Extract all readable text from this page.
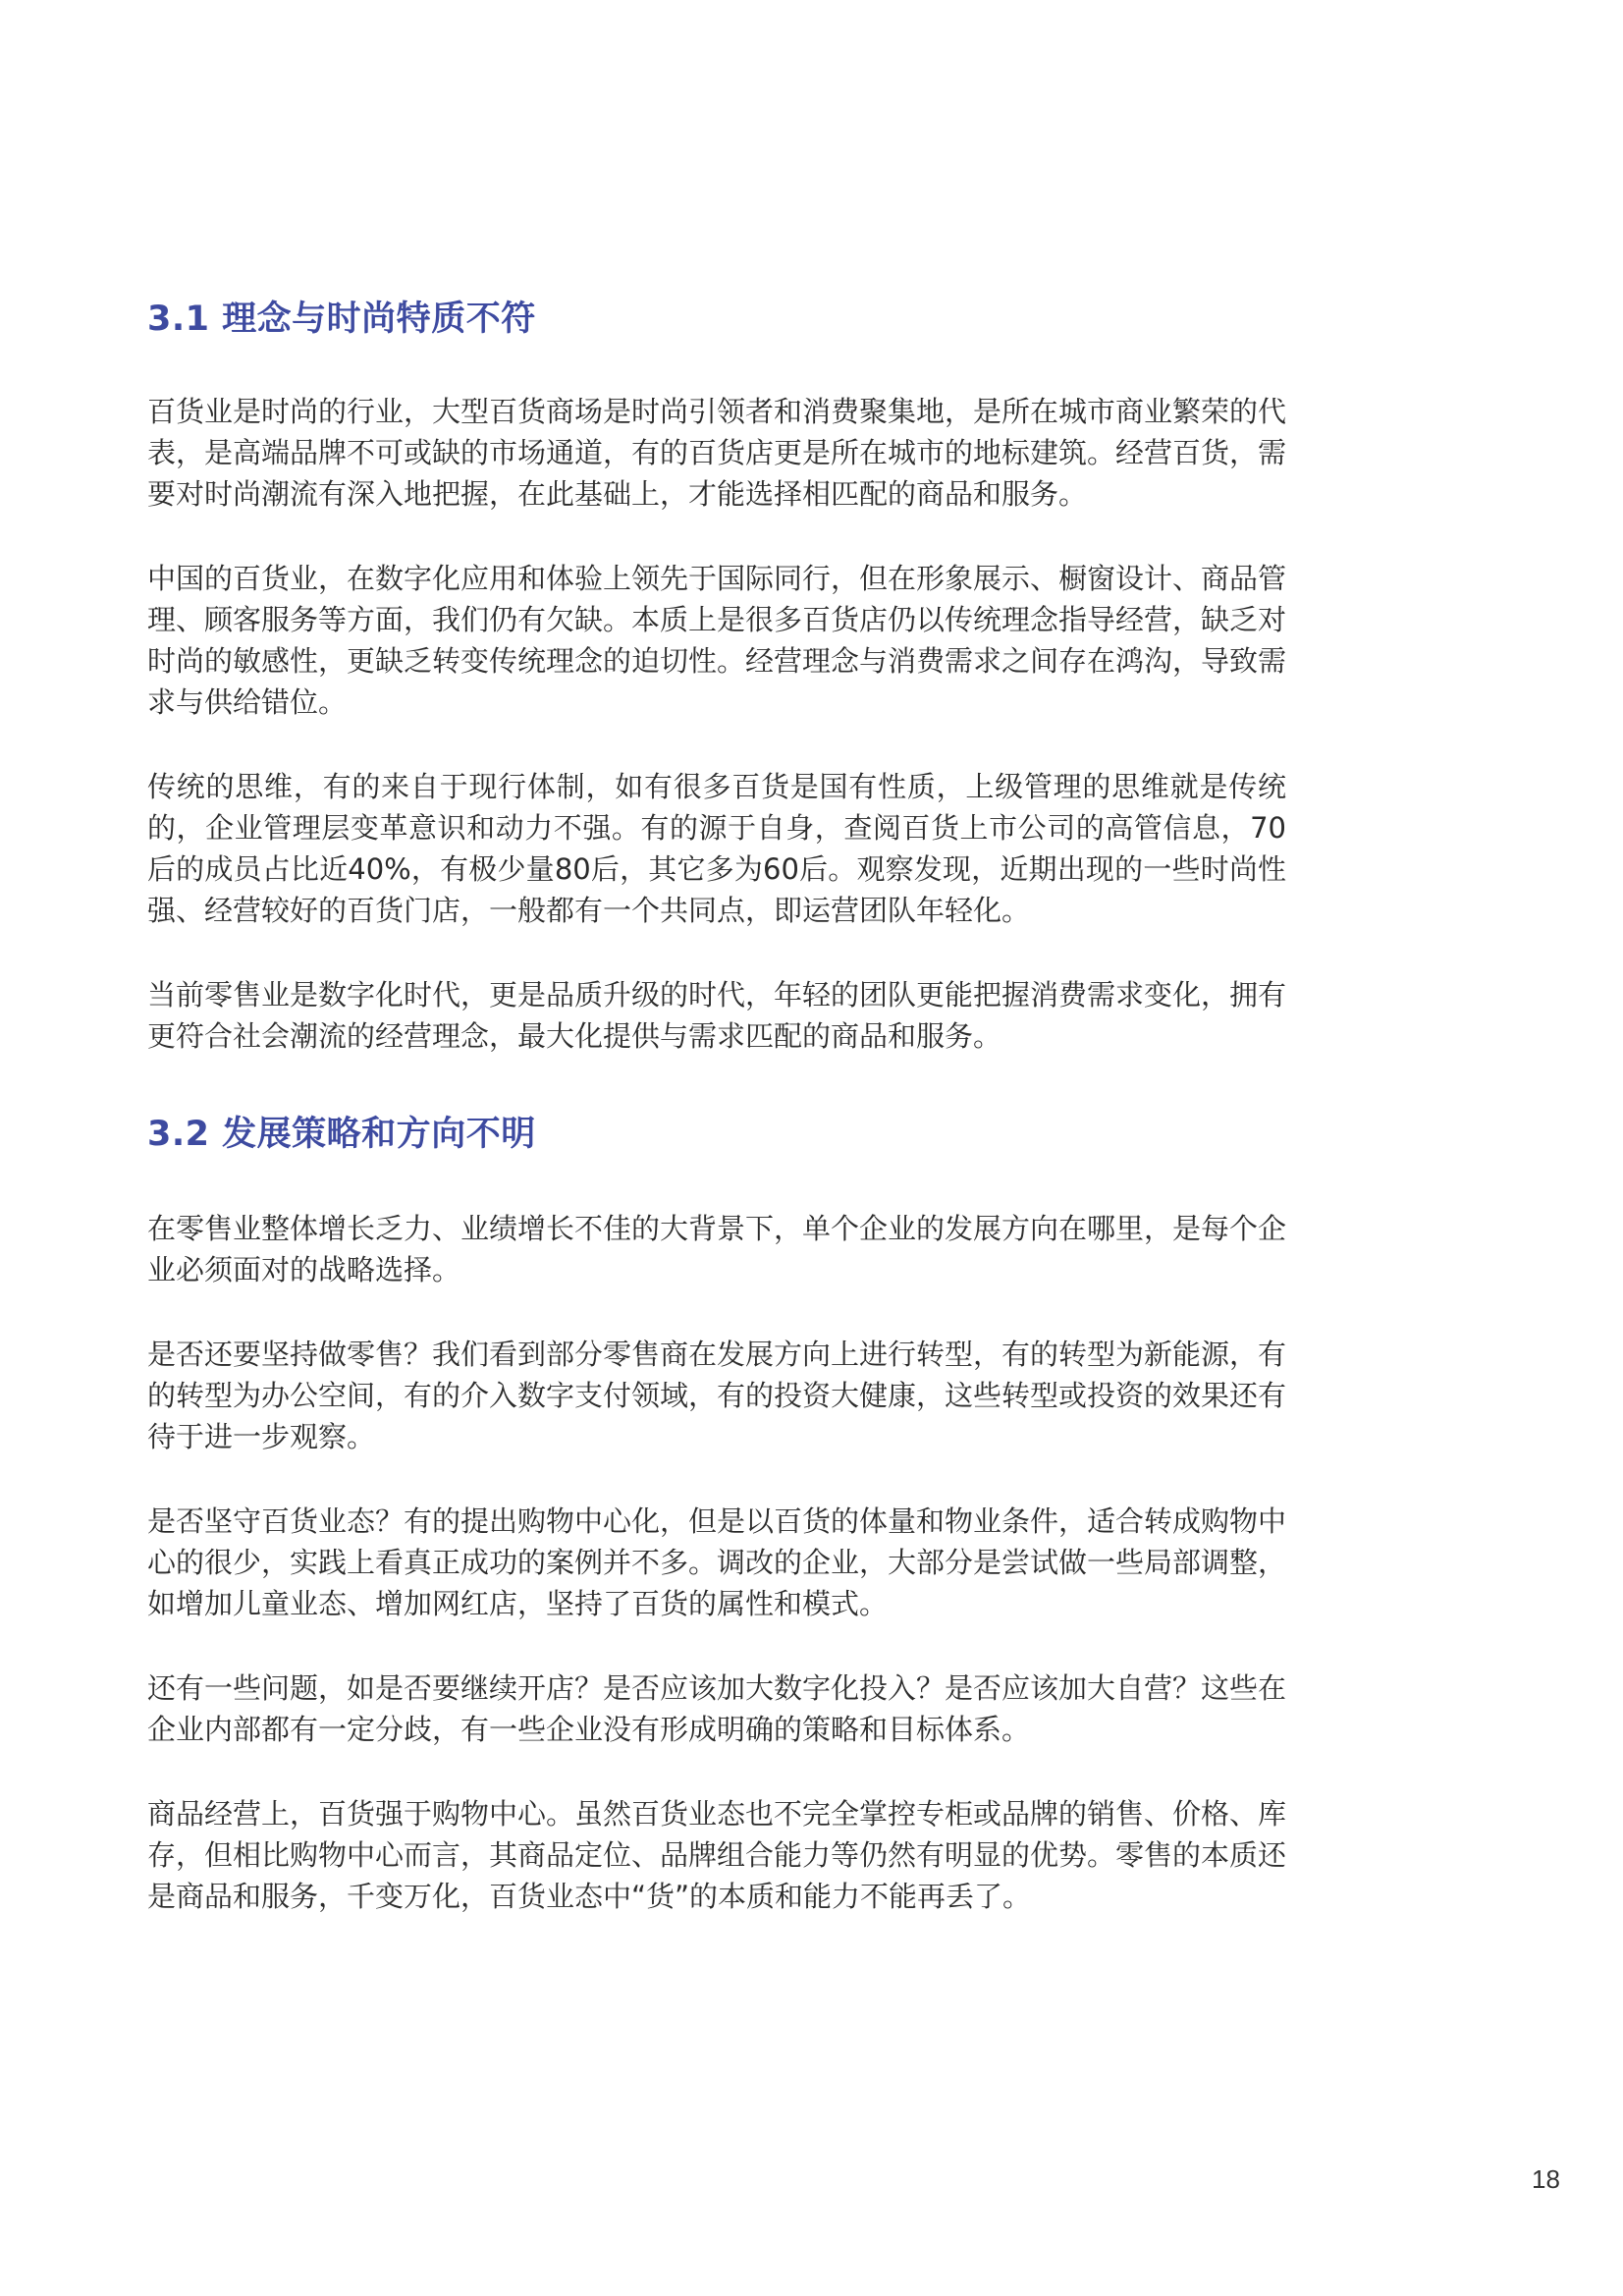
3.1 理念与时尚特质不符

百货业是时尚的行业，大型百货商场是时尚引领者和消费聚集地，是所在城市商业繁荣的代表，是高端品牌不可或缺的市场通道，有的百货店更是所在城市的地标建筑。经营百货，需要对时尚潮流有深入地把握，在此基础上，才能选择相匹配的商品和服务。

中国的百货业，在数字化应用和体验上领先于国际同行，但在形象展示、橱窗设计、商品管理、顾客服务等方面，我们仍有欠缺。本质上是很多百货店仍以传统理念指导经营，缺乏对时尚的敏感性，更缺乏转变传统理念的迫切性。经营理念与消费需求之间存在鸿沟，导致需求与供给错位。

传统的思维，有的来自于现行体制，如有很多百货是国有性质，上级管理的思维就是传统的，企业管理层变革意识和动力不强。有的源于自身，查阅百货上市公司的高管信息，70后的成员占比近40%，有极少量80后，其它多为60后。观察发现，近期出现的一些时尚性强、经营较好的百货门店，一般都有一个共同点，即运营团队年轻化。

当前零售业是数字化时代，更是品质升级的时代，年轻的团队更能把握消费需求变化，拥有更符合社会潮流的经营理念，最大化提供与需求匹配的商品和服务。

3.2 发展策略和方向不明

在零售业整体增长乏力、业绩增长不佳的大背景下，单个企业的发展方向在哪里，是每个企业必须面对的战略选择。

是否还要坚持做零售？我们看到部分零售商在发展方向上进行转型，有的转型为新能源，有的转型为办公空间，有的介入数字支付领域，有的投资大健康，这些转型或投资的效果还有待于进一步观察。

是否坚守百货业态？有的提出购物中心化，但是以百货的体量和物业条件，适合转成购物中心的很少，实践上看真正成功的案例并不多。调改的企业，大部分是尝试做一些局部调整，如增加儿童业态、增加网红店，坚持了百货的属性和模式。

还有一些问题，如是否要继续开店？是否应该加大数字化投入？是否应该加大自营？这些在企业内部都有一定分歧，有一些企业没有形成明确的策略和目标体系。

商品经营上，百货强于购物中心。虽然百货业态也不完全掌控专柜或品牌的销售、价格、库存，但相比购物中心而言，其商品定位、品牌组合能力等仍然有明显的优势。零售的本质还是商品和服务，千变万化，百货业态中“货”的本质和能力不能再丢了。

18
